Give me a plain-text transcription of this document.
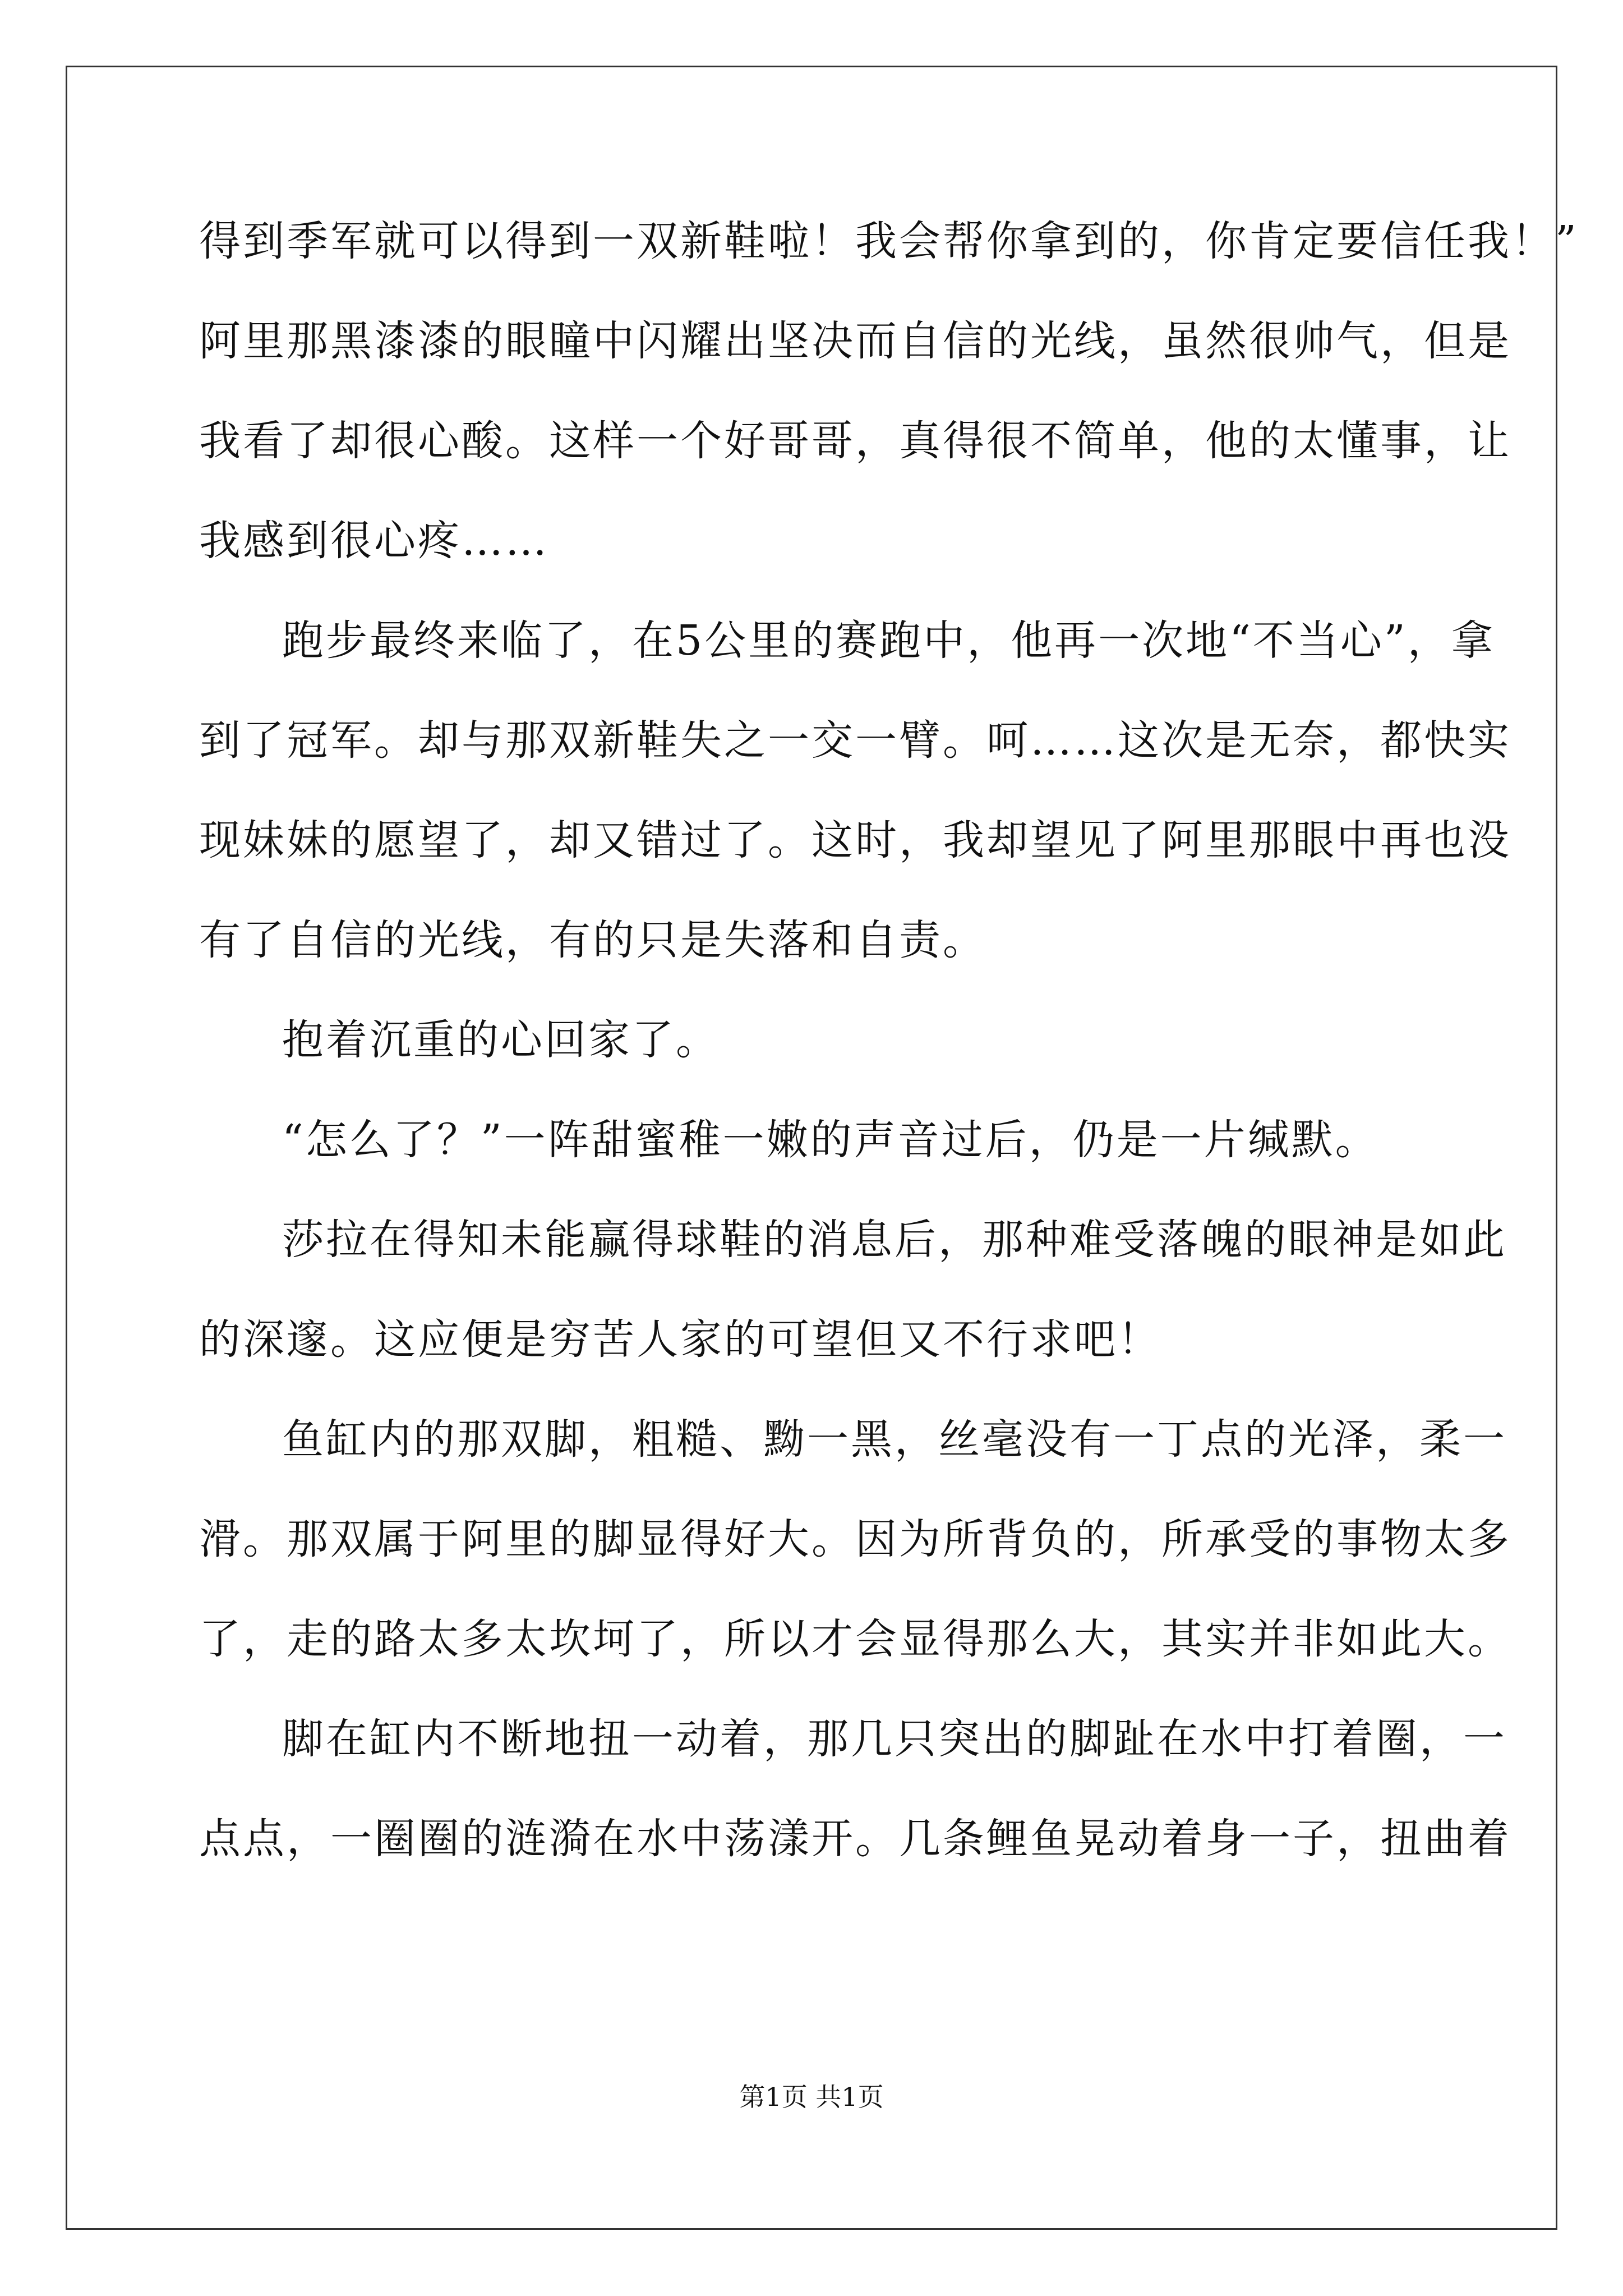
得到季军就可以得到一双新鞋啦！我会帮你拿到的，你肯定要信任我！”
阿里那黑漆漆的眼瞳中闪耀出坚决而自信的光线，虽然很帅气，但是
我看了却很心酸。这样一个好哥哥，真得很不简单，他的太懂事，让
我感到很心疼……
跑步最终来临了，在5公里的赛跑中，他再一次地“不当心”，拿
到了冠军。却与那双新鞋失之一交一臂。呵……这次是无奈，都快实
现妹妹的愿望了，却又错过了。这时，我却望见了阿里那眼中再也没
有了自信的光线，有的只是失落和自责。
抱着沉重的心回家了。
“怎么了？”一阵甜蜜稚一嫩的声音过后，仍是一片缄默。
莎拉在得知未能赢得球鞋的消息后，那种难受落魄的眼神是如此
的深邃。这应便是穷苦人家的可望但又不行求吧！
鱼缸内的那双脚，粗糙、黝一黑，丝毫没有一丁点的光泽，柔一
滑。那双属于阿里的脚显得好大。因为所背负的，所承受的事物太多
了，走的路太多太坎坷了，所以才会显得那么大，其实并非如此大。
脚在缸内不断地扭一动着，那几只突出的脚趾在水中打着圈，一
点点，一圈圈的涟漪在水中荡漾开。几条鲤鱼晃动着身一子，扭曲着
第1页 共1页
